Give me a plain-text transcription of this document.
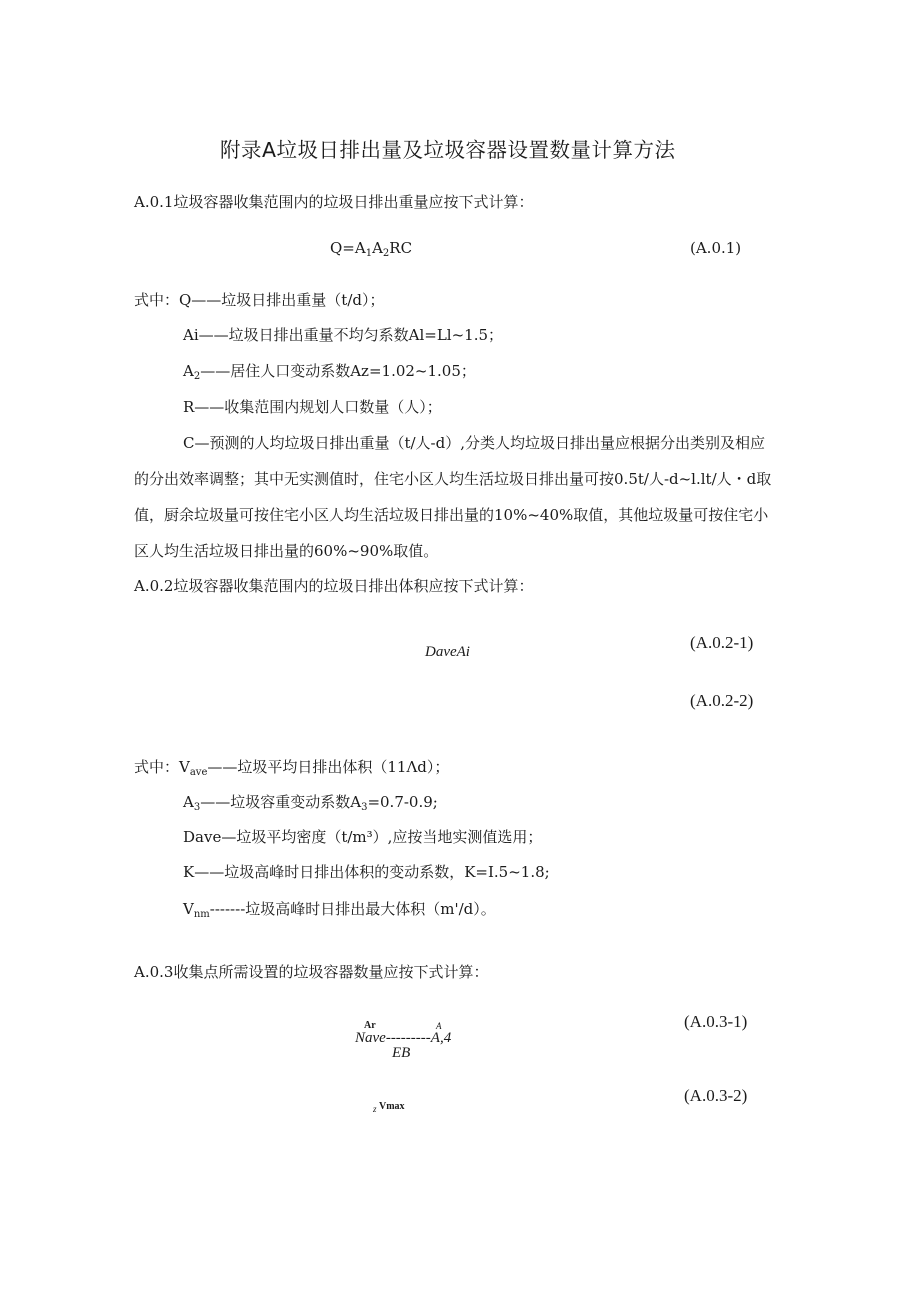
附录A垃圾日排出量及垃圾容器设置数量计算方法
A.0.1垃圾容器收集范围内的垃圾日排出重量应按下式计算：
$Q=A_1A_2RC$	(A.0.1)
式中：Q——垃圾日排出重量（t/d）；
Ai——垃圾日排出重量不均匀系数Al=Ll~1.5；
$A_2——$居住人口变动系数Az=1.02~1.05；
R——收集范围内规划人口数量（人）；
C—预测的人均垃圾日排出重量（t/人-d）,分类人均垃圾日排出量应根据分出类别及相应
的分出效率调整；其中无实测值时，住宅小区人均生活垃圾日排出量可按0.5t/人-d~l.lt/人・d取
值，厨余垃圾量可按住宅小区人均生活垃圾日排出量的10%~40%取值，其他垃圾量可按住宅小
区人均生活垃圾日排出量的60%~90%取值。
A.0.2垃圾容器收集范围内的垃圾日排出体积应按下式计算：
DaveAi	(A.0.2-1)
(A.0.2-2)
式中：$V_{ave}——$垃圾平均日排出体积（11Λd）；
$A_3——$垃圾容重变动系数$A_3=0.7-0.9$;
Dave—垃圾平均密度（t/m³）,应按当地实测值选用；
K——垃圾高峰时日排出体积的变动系数，K=I.5~1.8;
$V_{nm}-------$垃圾高峰时日排出最大体积（m'/d）。
A.0.3收集点所需设置的垃圾容器数量应按下式计算：
Ar	A
Nave---------A,4
EB
(A.0.3-1)
z Vmax
(A.0.3-2)
